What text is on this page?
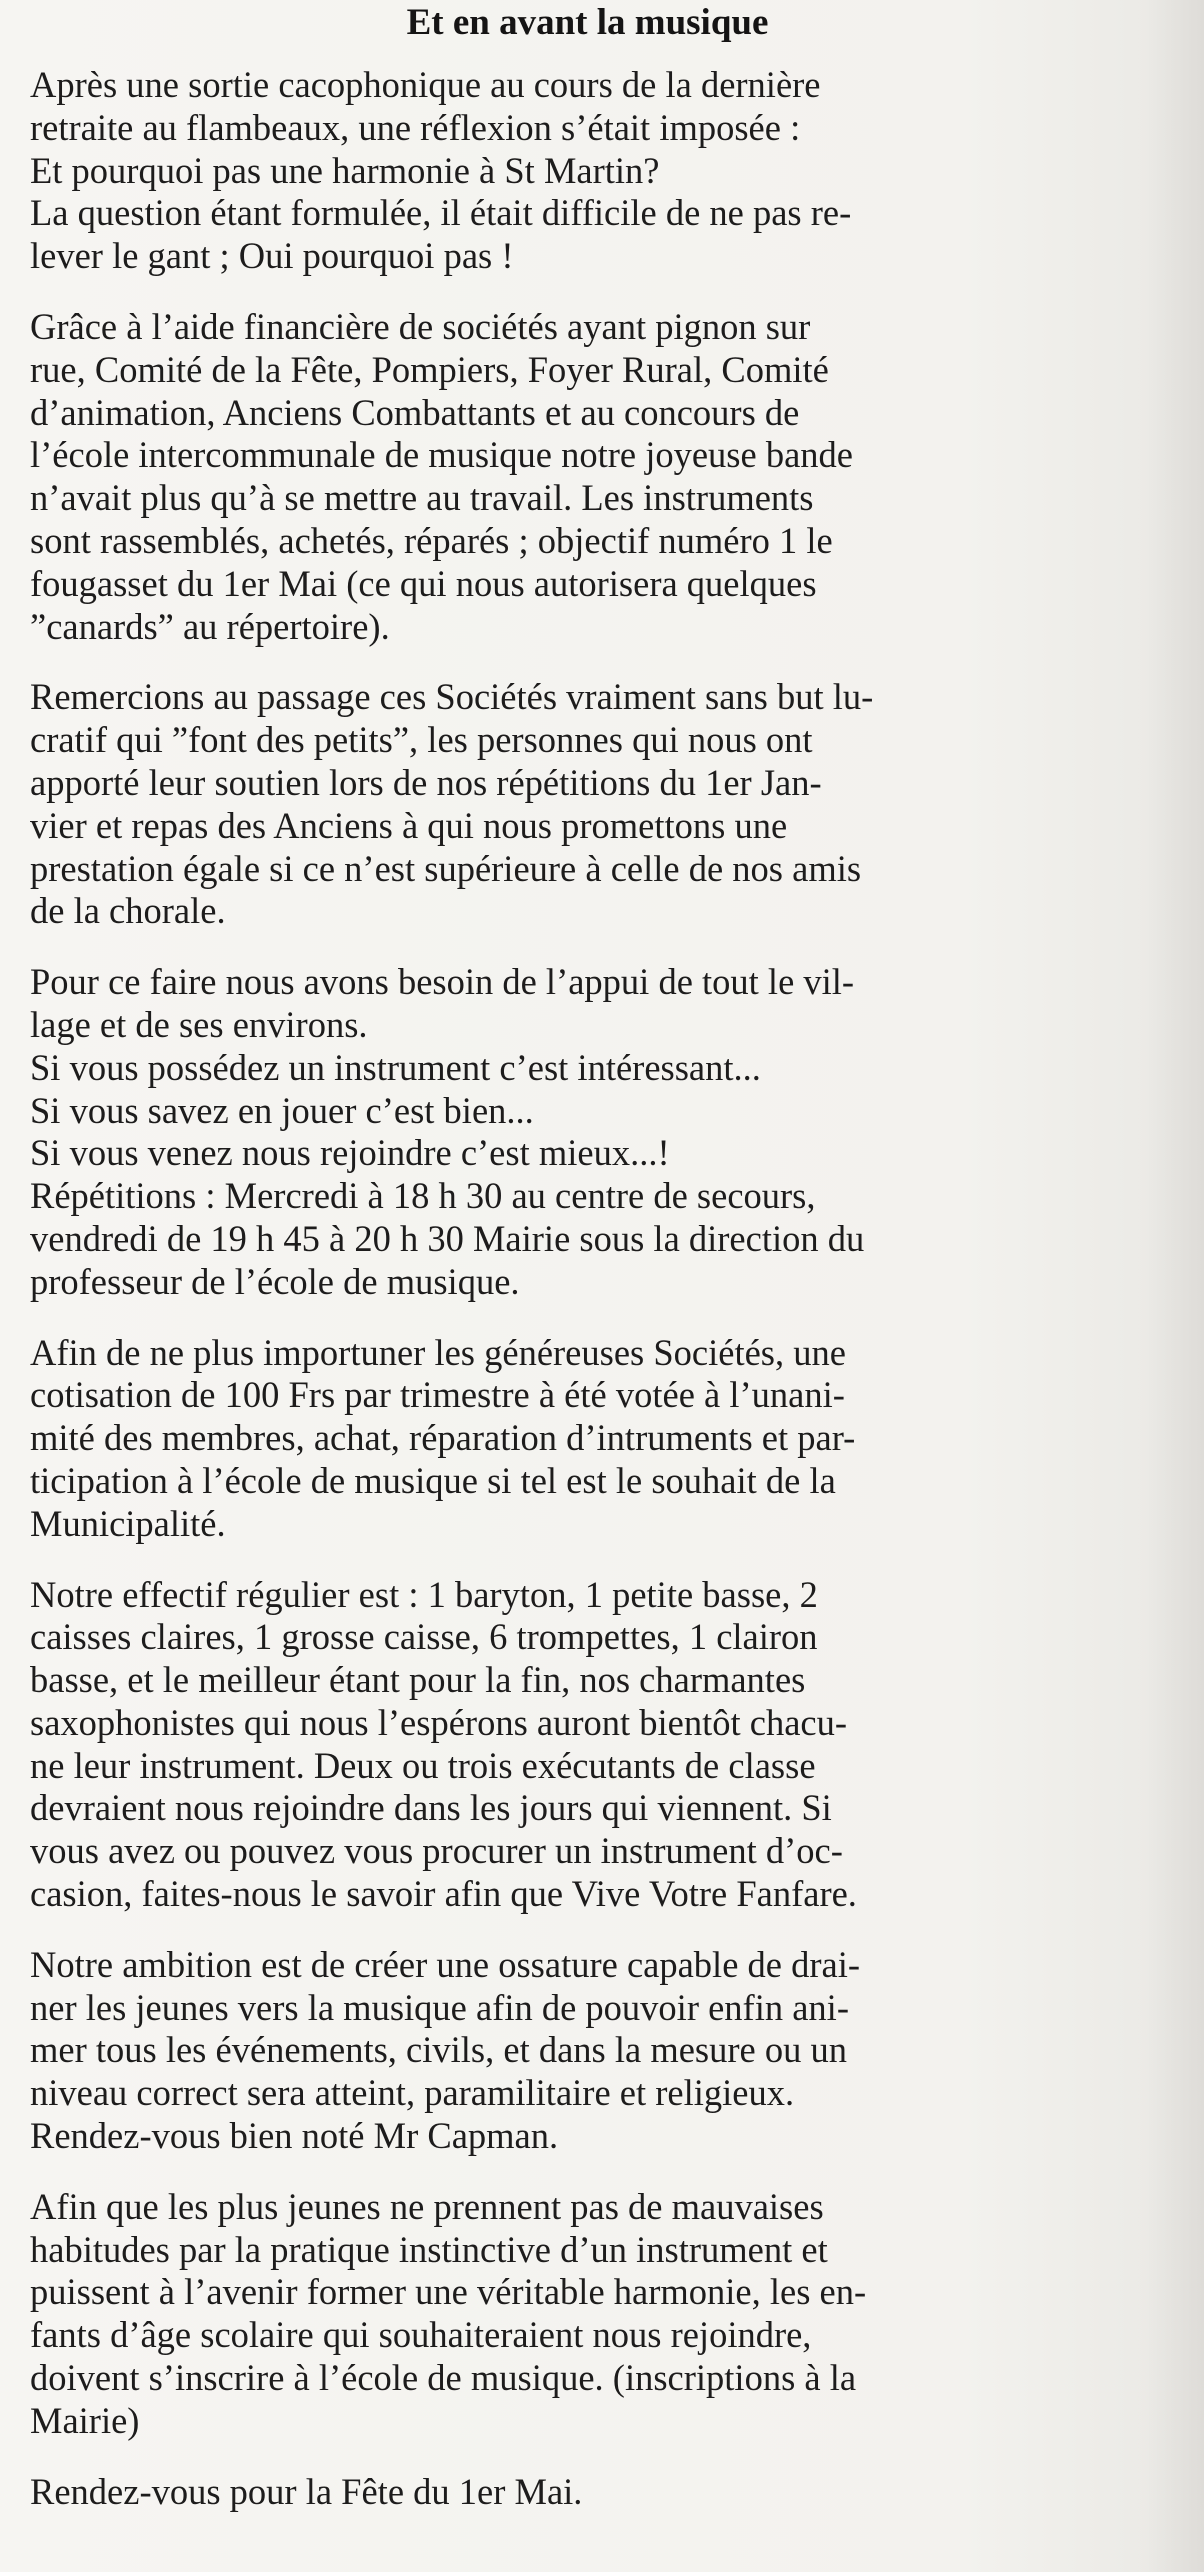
Et en avant la musique

Après une sortie cacophonique au cours de la dernière
retraite au flambeaux, une réflexion s’était imposée :
Et pourquoi pas une harmonie à St Martin?
La question étant formulée, il était difficile de ne pas re-
lever le gant ; Oui pourquoi pas !

Grâce à l’aide financière de sociétés ayant pignon sur
rue, Comité de la Fête, Pompiers, Foyer Rural, Comité
d’animation, Anciens Combattants et au concours de
l’école intercommunale de musique notre joyeuse bande
n’avait plus qu’à se mettre au travail. Les instruments
sont rassemblés, achetés, réparés ; objectif numéro 1 le
fougasset du 1er Mai (ce qui nous autorisera quelques
”canards” au répertoire).

Remercions au passage ces Sociétés vraiment sans but lu-
cratif qui ”font des petits”, les personnes qui nous ont
apporté leur soutien lors de nos répétitions du 1er Jan-
vier et repas des Anciens à qui nous promettons une
prestation égale si ce n’est supérieure à celle de nos amis
de la chorale.

Pour ce faire nous avons besoin de l’appui de tout le vil-
lage et de ses environs.
Si vous possédez un instrument c’est intéressant...
Si vous savez en jouer c’est bien...
Si vous venez nous rejoindre c’est mieux...!
Répétitions : Mercredi à 18 h 30 au centre de secours,
vendredi de 19 h 45 à 20 h 30 Mairie sous la direction du
professeur de l’école de musique.

Afin de ne plus importuner les généreuses Sociétés, une
cotisation de 100 Frs par trimestre à été votée à l’unani-
mité des membres, achat, réparation d’intruments et par-
ticipation à l’école de musique si tel est le souhait de la
Municipalité.

Notre effectif régulier est : 1 baryton, 1 petite basse, 2
caisses claires, 1 grosse caisse, 6 trompettes, 1 clairon
basse, et le meilleur étant pour la fin, nos charmantes
saxophonistes qui nous l’espérons auront bientôt chacu-
ne leur instrument. Deux ou trois exécutants de classe
devraient nous rejoindre dans les jours qui viennent. Si
vous avez ou pouvez vous procurer un instrument d’oc-
casion, faites-nous le savoir afin que Vive Votre Fanfare.

Notre ambition est de créer une ossature capable de drai-
ner les jeunes vers la musique afin de pouvoir enfin ani-
mer tous les événements, civils, et dans la mesure ou un
niveau correct sera atteint, paramilitaire et religieux.
Rendez-vous bien noté Mr Capman.

Afin que les plus jeunes ne prennent pas de mauvaises
habitudes par la pratique instinctive d’un instrument et
puissent à l’avenir former une véritable harmonie, les en-
fants d’âge scolaire qui souhaiteraient nous rejoindre,
doivent s’inscrire à l’école de musique. (inscriptions à la
Mairie)

Rendez-vous pour la Fête du 1er Mai.
